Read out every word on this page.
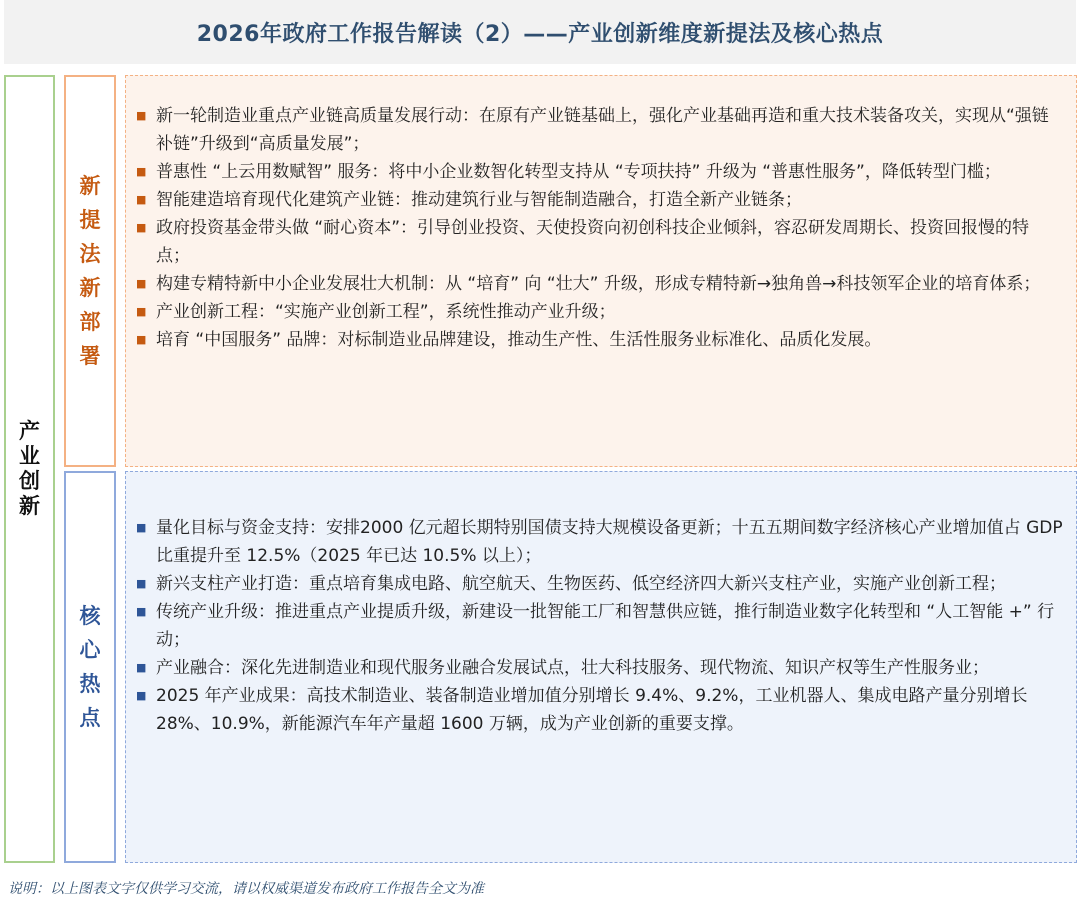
2026年政府工作报告解读（2）——产业创新维度新提法及核心热点
产
业
创
新
新
提
法
新
部
署
■ 新一轮制造业重点产业链高质量发展行动：在原有产业链基础上，强化产业基础再造和重大技术装备攻关，实现从“强链补链”升级到“高质量发展”；
■ 普惠性 “上云用数赋智” 服务：将中小企业数智化转型支持从 “专项扶持” 升级为 “普惠性服务”，降低转型门槛；
■ 智能建造培育现代化建筑产业链：推动建筑行业与智能制造融合，打造全新产业链条；
■ 政府投资基金带头做 “耐心资本”：引导创业投资、天使投资向初创科技企业倾斜，容忍研发周期长、投资回报慢的特点；
■ 构建专精特新中小企业发展壮大机制：从 “培育” 向 “壮大” 升级，形成专精特新→独角兽→科技领军企业的培育体系；
■ 产业创新工程：“实施产业创新工程”，系统性推动产业升级；
■ 培育 “中国服务” 品牌：对标制造业品牌建设，推动生产性、生活性服务业标准化、品质化发展。
核
心
热
点
■ 量化目标与资金支持：安排2000 亿元超长期特别国债支持大规模设备更新；十五五期间数字经济核心产业增加值占 GDP 比重提升至 12.5%（2025 年已达 10.5% 以上）；
■ 新兴支柱产业打造：重点培育集成电路、航空航天、生物医药、低空经济四大新兴支柱产业，实施产业创新工程；
■ 传统产业升级：推进重点产业提质升级，新建设一批智能工厂和智慧供应链，推行制造业数字化转型和 “人工智能 +” 行动；
■ 产业融合：深化先进制造业和现代服务业融合发展试点，壮大科技服务、现代物流、知识产权等生产性服务业；
■ 2025 年产业成果：高技术制造业、装备制造业增加值分别增长 9.4%、9.2%，工业机器人、集成电路产量分别增长 28%、10.9%，新能源汽车年产量超 1600 万辆，成为产业创新的重要支撑。
说明：以上图表文字仅供学习交流，请以权威渠道发布政府工作报告全文为准
